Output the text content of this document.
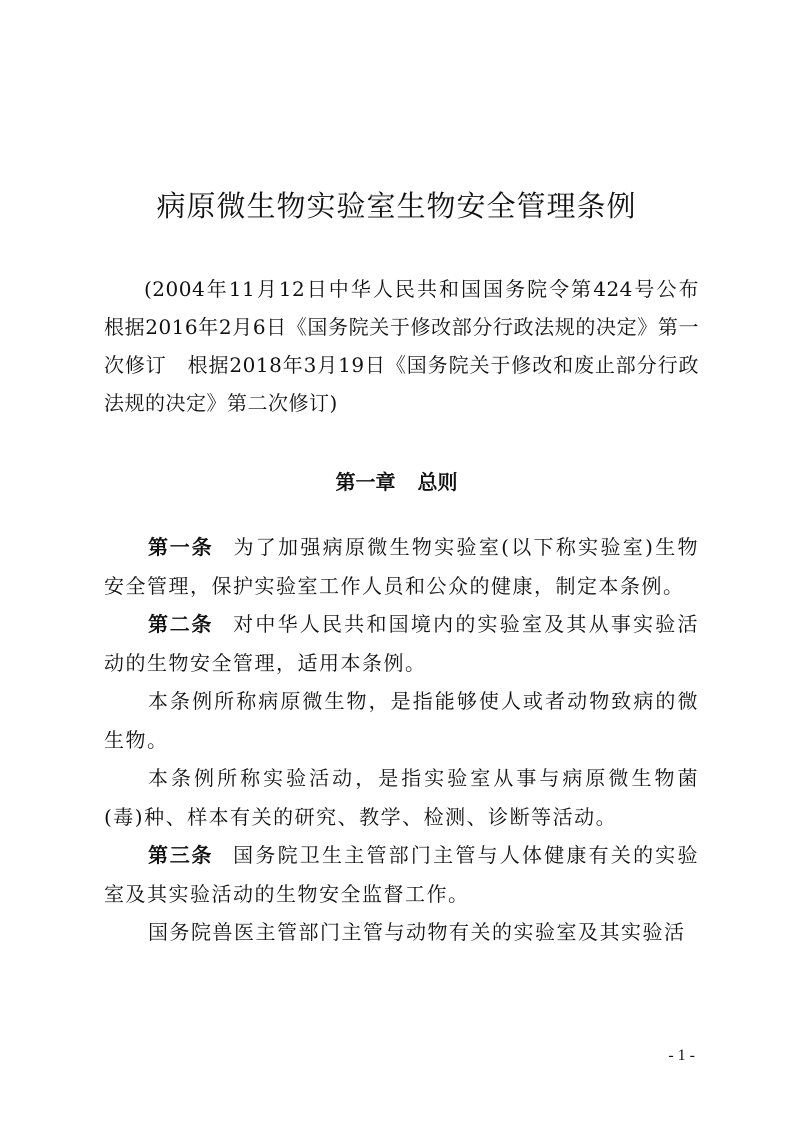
病原微生物实验室生物安全管理条例

(2004年11月12日中华人民共和国国务院令第424号公布　根据2016年2月6日《国务院关于修改部分行政法规的决定》第一次修订　根据2018年3月19日《国务院关于修改和废止部分行政法规的决定》第二次修订)

第一章 总则

第一条 为了加强病原微生物实验室(以下称实验室)生物安全管理，保护实验室工作人员和公众的健康，制定本条例。

第二条 对中华人民共和国境内的实验室及其从事实验活动的生物安全管理，适用本条例。

本条例所称病原微生物，是指能够使人或者动物致病的微生物。

本条例所称实验活动，是指实验室从事与病原微生物菌(毒)种、样本有关的研究、教学、检测、诊断等活动。

第三条 国务院卫生主管部门主管与人体健康有关的实验室及其实验活动的生物安全监督工作。

国务院兽医主管部门主管与动物有关的实验室及其实验活

- 1 -
